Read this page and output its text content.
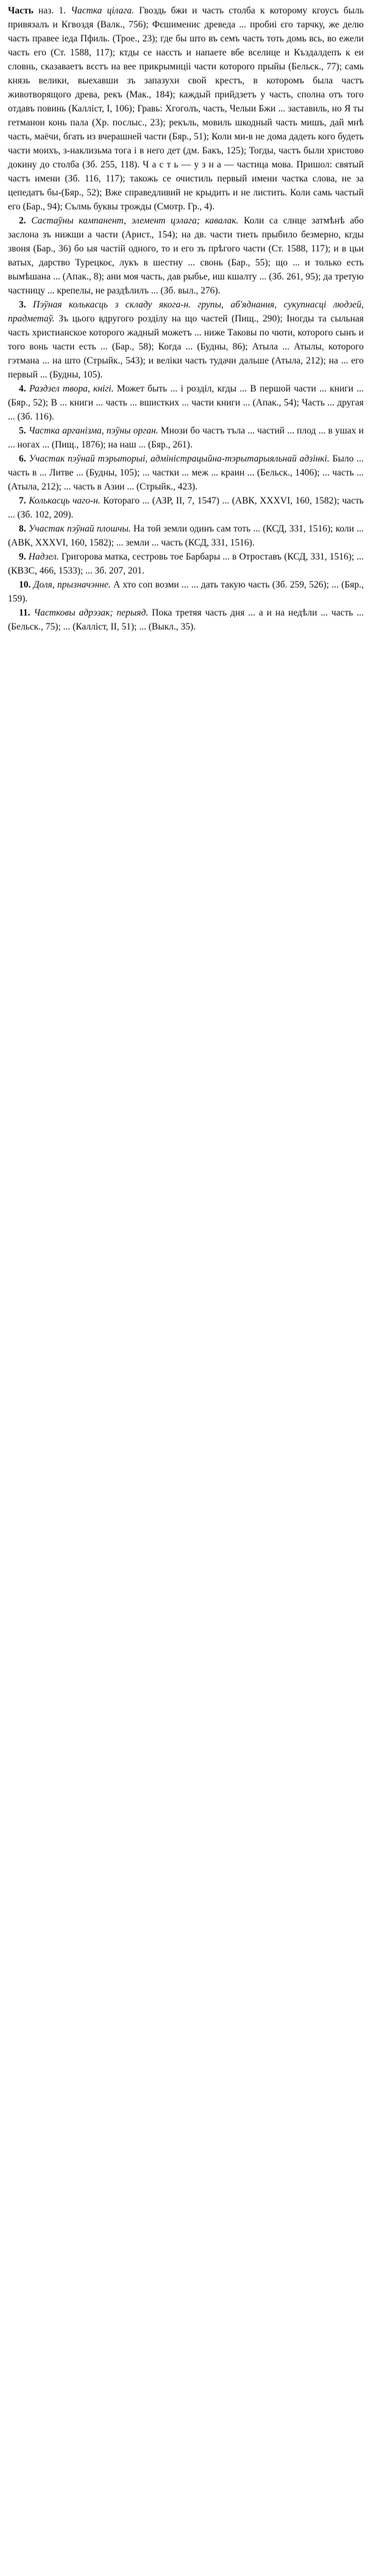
Часть наз. 1. Частка цілага. Гвоздь бжи и часть столба к которому кгоусъ быль привязалъ и Кгвоздя (Валк., 756); Фєшименис древеда ... пробиі єго тарчку, же делю часть правее іеда Пфиль. (Трое., 23); где бы што въ семъ часть тоть домь всь, во ежели часть его (Ст. 1588, 117); ктды се наєсть и напаете вбе вселице и Къздалдепъ к еи словнь, сказаваетъ вєстъ на вее прикрымиціі части которого прыйы (Бельск., 77); самь князь велики, выехавши зъ запазухи свой крестъ, в которомъ была частъ животворящого древа, рекъ (Мак., 184); каждый прийдзетъ у часть, сполна отъ того отдавъ повинь (Калліст, I, 106); Гравь: Хгоголъ, часть, Челыи Бжи ... заставиль, но Я ты гетманои конь пала (Хр. послыс., 23); рекъль, мовиль шкодный часть мишъ, дай мнѣ часть, маёчи, бгать из вчерашней части (Бяр., 51); Коли ми-в не дома дадеть кого будеть части моихъ, з-наклизьма тога і в него дет (дм. Бакъ, 125); Тогды, частъ были христово докину до столба (Зб. 255, 118). Ч а с т ь — у з н а — частица мова. Пришол: святый частъ имени (Зб. 116, 117); такожь се очистиль первый имени частка слова, не за цепедатъ бы-(Бяр., 52); Вже справедливий не крыдить и не листить. Коли самь частый его (Бар., 94); Сълмь буквы трожды (Смотр. Гр., 4).

2. Састаўны кампанент, элемент цэлага; кавалак. Коли са слнце затмѣнѣ або заслона зъ нижши а части (Арист., 154); на дв. части тнеть прыбило безмерно, кгды звоня (Бар., 36) бо ыя частій одного, то и его зъ прѣгого части (Ст. 1588, 117); и в цьи ватых, дарство Турецкоє, лукъ в шестну ... свонь (Бар., 55); що ... и только есть вымѣшана ... (Апак., 8); ани моя часть, дав рыбье, иш кшалту ... (Зб. 261, 95); да третую частницу ... крепелы, не раздѣлилъ ... (Зб. выл., 276).

3. Пэўная колькасць з складу якога-н. групы, аб'яднання, сукупнасці людзей, прадметаў. Зъ цього вдругого розділу на що частей (Пищ., 290); Іногды та сыльная часть христианское которого жадный можетъ ... ниже Таковы по чюти, которого сынъ и того вонь части есть ... (Бар., 58); Когда ... (Будны, 86); Атыла ... Атылы, которого гэтмана ... на што (Стрыйк., 543); и веліки часть тудачи дальше (Атыла, 212); на ... его первый ... (Будны, 105).

4. Раздзел твора, кнігі. Может быть ... і розділ, кгды ... В першой части ... книги ... (Бяр., 52); В ... книги ... часть ... вшистких ... части книги ... (Апак., 54); Часть ... другая ... (Зб. 116).

5. Частка арганізма, пэўны орган. Мнози бо частъ тъла ... частий ... плод ... в ушах и ... ногах ... (Пищ., 1876); на наш ... (Бяр., 261).

6. Участак пэўнай тэрыторыі, адміністрацыйна-тэрытарыяльнай адзінкі. Было ... часть в ... Литве ... (Будны, 105); ... частки ... меж ... краин ... (Бельск., 1406); ... часть ... (Атыла, 212); ... часть в Азии ... (Стрыйк., 423).

7. Колькасць чаго-н. Котораго ... (АЗР, II, 7, 1547) ... (АВК, XXXVI, 160, 1582); часть ... (Зб. 102, 209).

8. Участак пэўнай плошчы. На той земли одинъ сам тоть ... (КСД, 331, 1516); коли ... (АВК, XXXVI, 160, 1582); ... земли ... часть (КСД, 331, 1516).

9. Надзел. Григорова матка, сестровь тое Барбары ... в Отроставъ (КСД, 331, 1516); ... (КВЗС, 466, 1533); ... Зб. 207, 201.

10. Доля, прызначэнне. А хто соп возми ... ... дать такую часть (Зб. 259, 526); ... (Бяр., 159).

11. Частковы адрэзак; перыяд. Пока третяя часть дня ... а и на недѣли ... часть ... (Бельск., 75); ... (Калліст, II, 51); ... (Выкл., 35).
